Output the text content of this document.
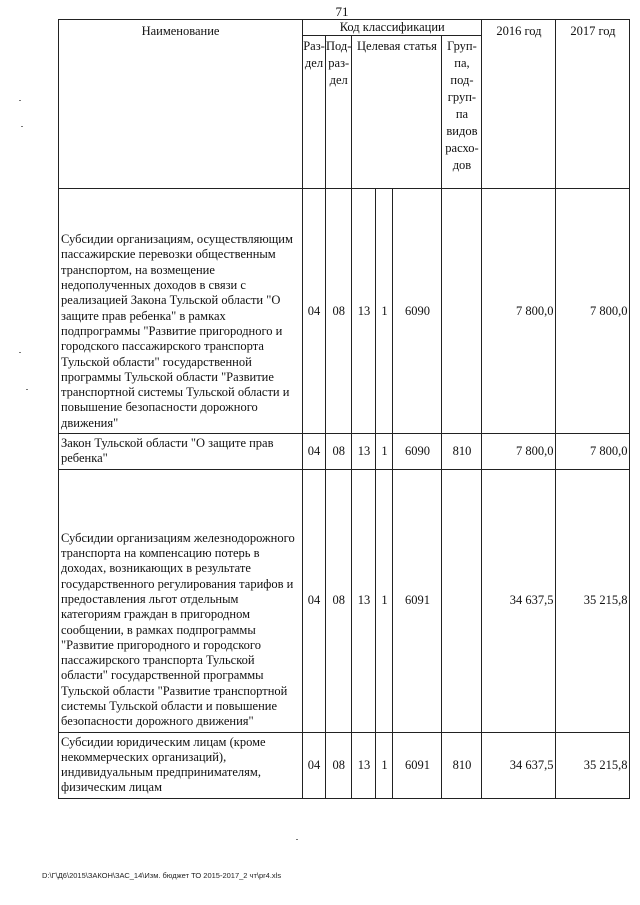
71
Наименование	Код классификации						2016 год	2017 год
	Раз-дел	Под-раз-дел	Целевая статья			Груп-па, под-груп-па видов расхо-дов		
Субсидии организациям, осуществляющим пассажирские перевозки общественным транспортом, на возмещение недополученных доходов в связи с реализацией Закона Тульской области "О защите прав ребенка" в рамках подпрограммы "Развитие пригородного и городского пассажирского транспорта Тульской области" государственной программы Тульской области "Развитие транспортной системы Тульской области и повышение безопасности дорожного движения"	04	08	13	1	6090		7 800,0	7 800,0
Закон Тульской области "О защите прав ребенка"	04	08	13	1	6090	810	7 800,0	7 800,0
Субсидии организациям железнодорожного транспорта на компенсацию потерь в доходах, возникающих в результате государственного регулирования тарифов и предоставления льгот отдельным категориям граждан в пригородном сообщении, в рамках подпрограммы "Развитие пригородного и городского пассажирского транспорта Тульской области" государственной программы Тульской области "Развитие транспортной системы Тульской области и повышение безопасности дорожного движения"	04	08	13	1	6091		34 637,5	35 215,8
Субсидии юридическим лицам (кроме некоммерческих организаций), индивидуальным предпринимателям, физическим лицам	04	08	13	1	6091	810	34 637,5	35 215,8
D:\Г\Д6\2015\ЗАКОН\ЗАС_14\Изм. бюджет ТО 2015-2017_2 чт\pr4.xls
